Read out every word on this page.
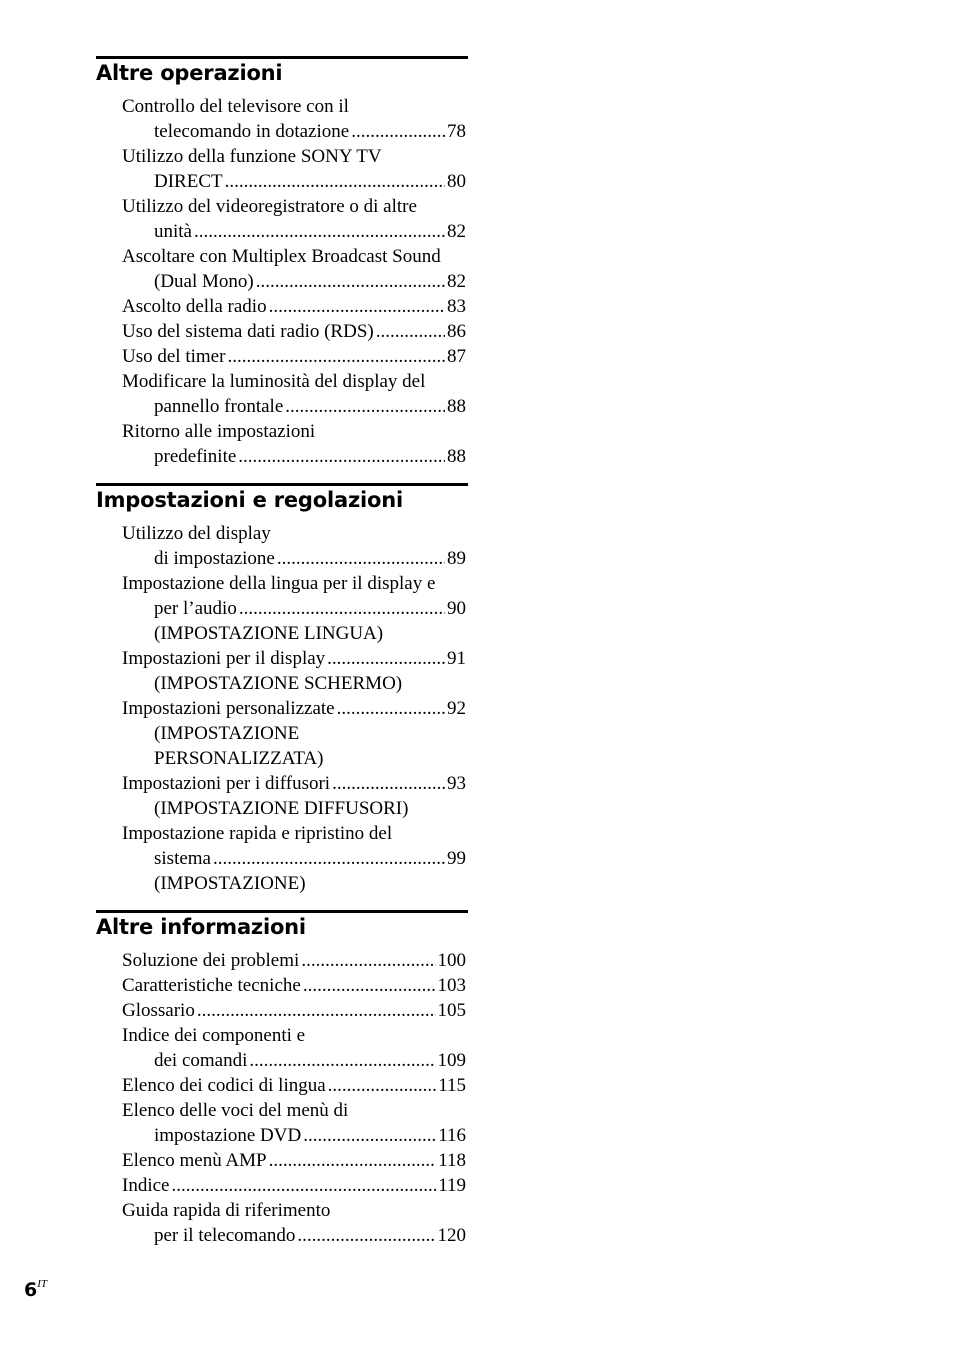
Altre operazioni
Controllo del televisore con il
telecomando in dotazione .....	78
Utilizzo della funzione SONY TV
DIRECT .....	80
Utilizzo del videoregistratore o di altre
unità .....	82
Ascoltare con Multiplex Broadcast Sound
(Dual Mono) .....	82
Ascolto della radio .....	83
Uso del sistema dati radio (RDS) .....	86
Uso del timer .....	87
Modificare la luminosità del display del
pannello frontale .....	88
Ritorno alle impostazioni
predefinite .....	88
Impostazioni e regolazioni
Utilizzo del display
di impostazione .....	89
Impostazione della lingua per il display e
per l’audio .....	90
(IMPOSTAZIONE LINGUA)
Impostazioni per il display .....	91
(IMPOSTAZIONE SCHERMO)
Impostazioni personalizzate .....	92
(IMPOSTAZIONE
PERSONALIZZATA)
Impostazioni per i diffusori .....	93
(IMPOSTAZIONE DIFFUSORI)
Impostazione rapida e ripristino del
sistema .....	99
(IMPOSTAZIONE)
Altre informazioni
Soluzione dei problemi .....	100
Caratteristiche tecniche .....	103
Glossario .....	105
Indice dei componenti e
dei comandi .....	109
Elenco dei codici di lingua .....	115
Elenco delle voci del menù di
impostazione DVD .....	116
Elenco menù AMP .....	118
Indice .....	119
Guida rapida di riferimento
per il telecomando .....	120
$6^{IT}$
